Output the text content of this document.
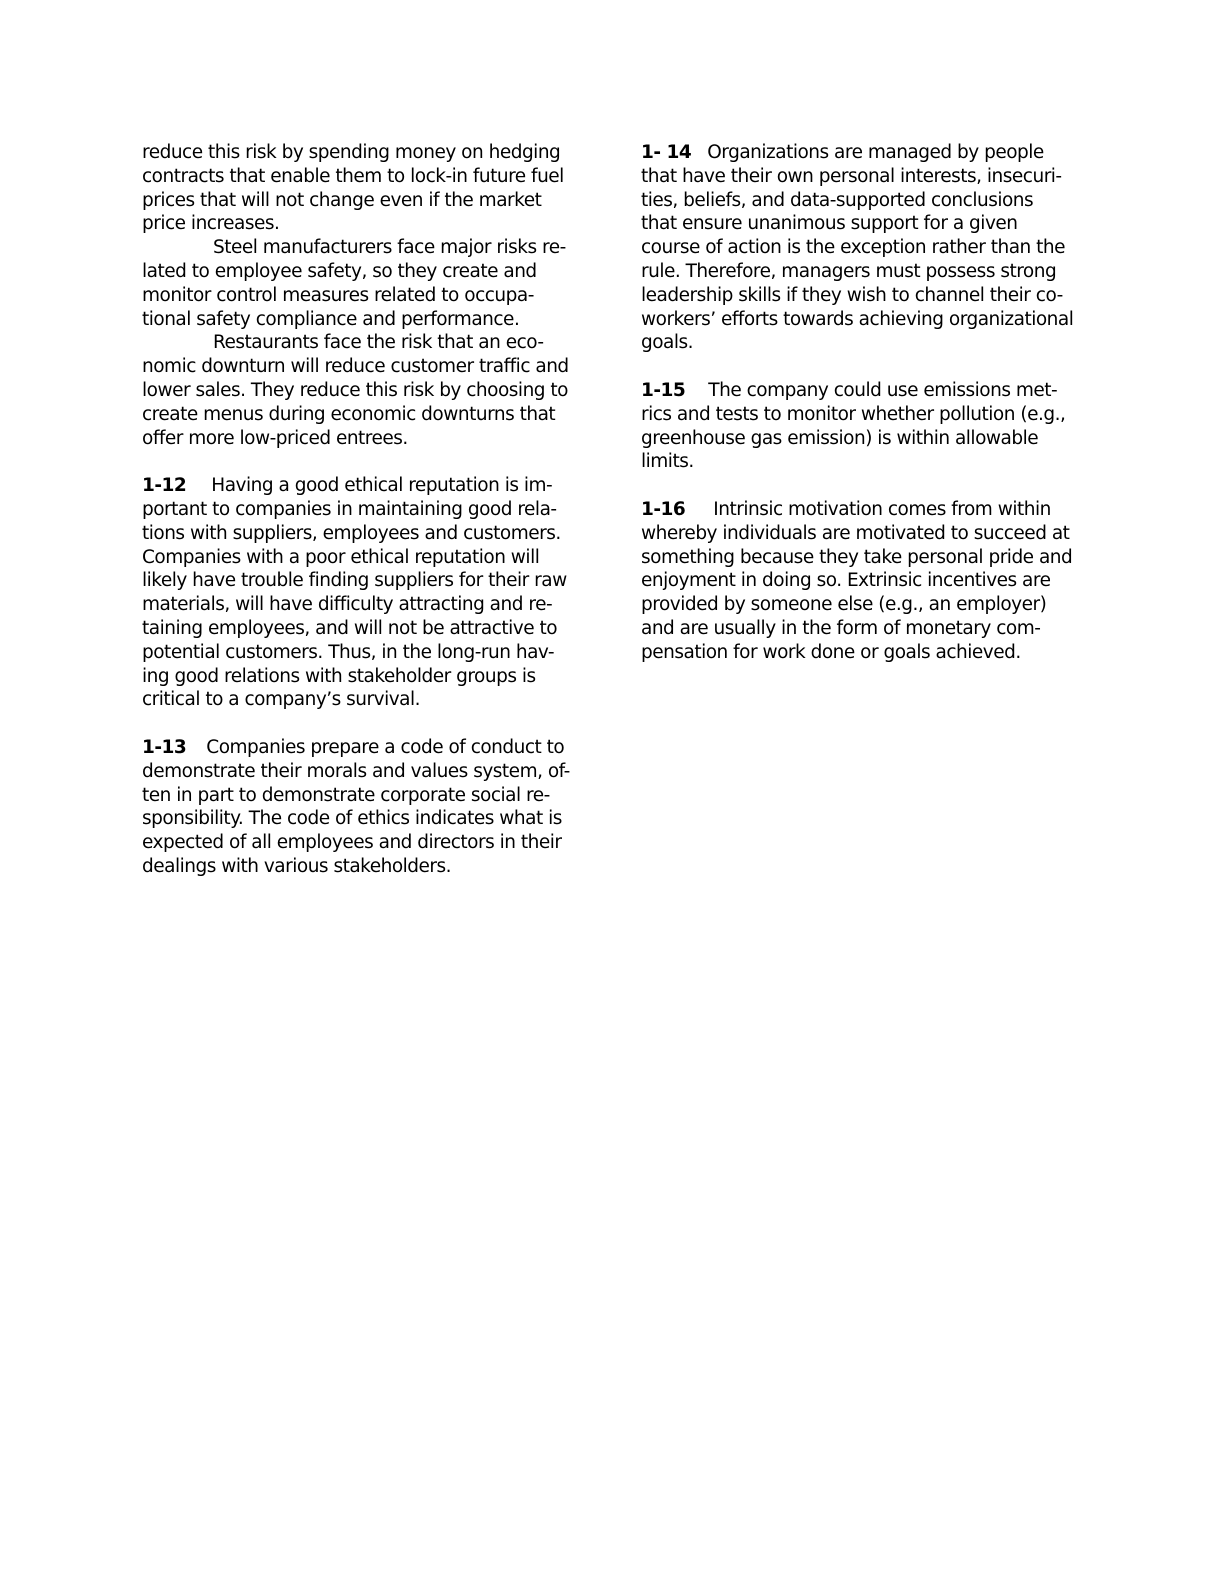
reduce this risk by spending money on hedging
contracts that enable them to lock-in future fuel
prices that will not change even if the market
price increases.
Steel manufacturers face major risks re-
lated to employee safety, so they create and
monitor control measures related to occupa-
tional safety compliance and performance.
Restaurants face the risk that an eco-
nomic downturn will reduce customer traffic and
lower sales. They reduce this risk by choosing to
create menus during economic downturns that
offer more low-priced entrees.
1-12 Having a good ethical reputation is im-
portant to companies in maintaining good rela-
tions with suppliers, employees and customers.
Companies with a poor ethical reputation will
likely have trouble finding suppliers for their raw
materials, will have difficulty attracting and re-
taining employees, and will not be attractive to
potential customers. Thus, in the long-run hav-
ing good relations with stakeholder groups is
critical to a company’s survival.
1-13 Companies prepare a code of conduct to
demonstrate their morals and values system, of-
ten in part to demonstrate corporate social re-
sponsibility. The code of ethics indicates what is
expected of all employees and directors in their
dealings with various stakeholders.
1- 14 Organizations are managed by people
that have their own personal interests, insecuri-
ties, beliefs, and data-supported conclusions
that ensure unanimous support for a given
course of action is the exception rather than the
rule. Therefore, managers must possess strong
leadership skills if they wish to channel their co-
workers’ efforts towards achieving organizational
goals.
1-15 The company could use emissions met-
rics and tests to monitor whether pollution (e.g.,
greenhouse gas emission) is within allowable
limits.
1-16 Intrinsic motivation comes from within
whereby individuals are motivated to succeed at
something because they take personal pride and
enjoyment in doing so. Extrinsic incentives are
provided by someone else (e.g., an employer)
and are usually in the form of monetary com-
pensation for work done or goals achieved.
